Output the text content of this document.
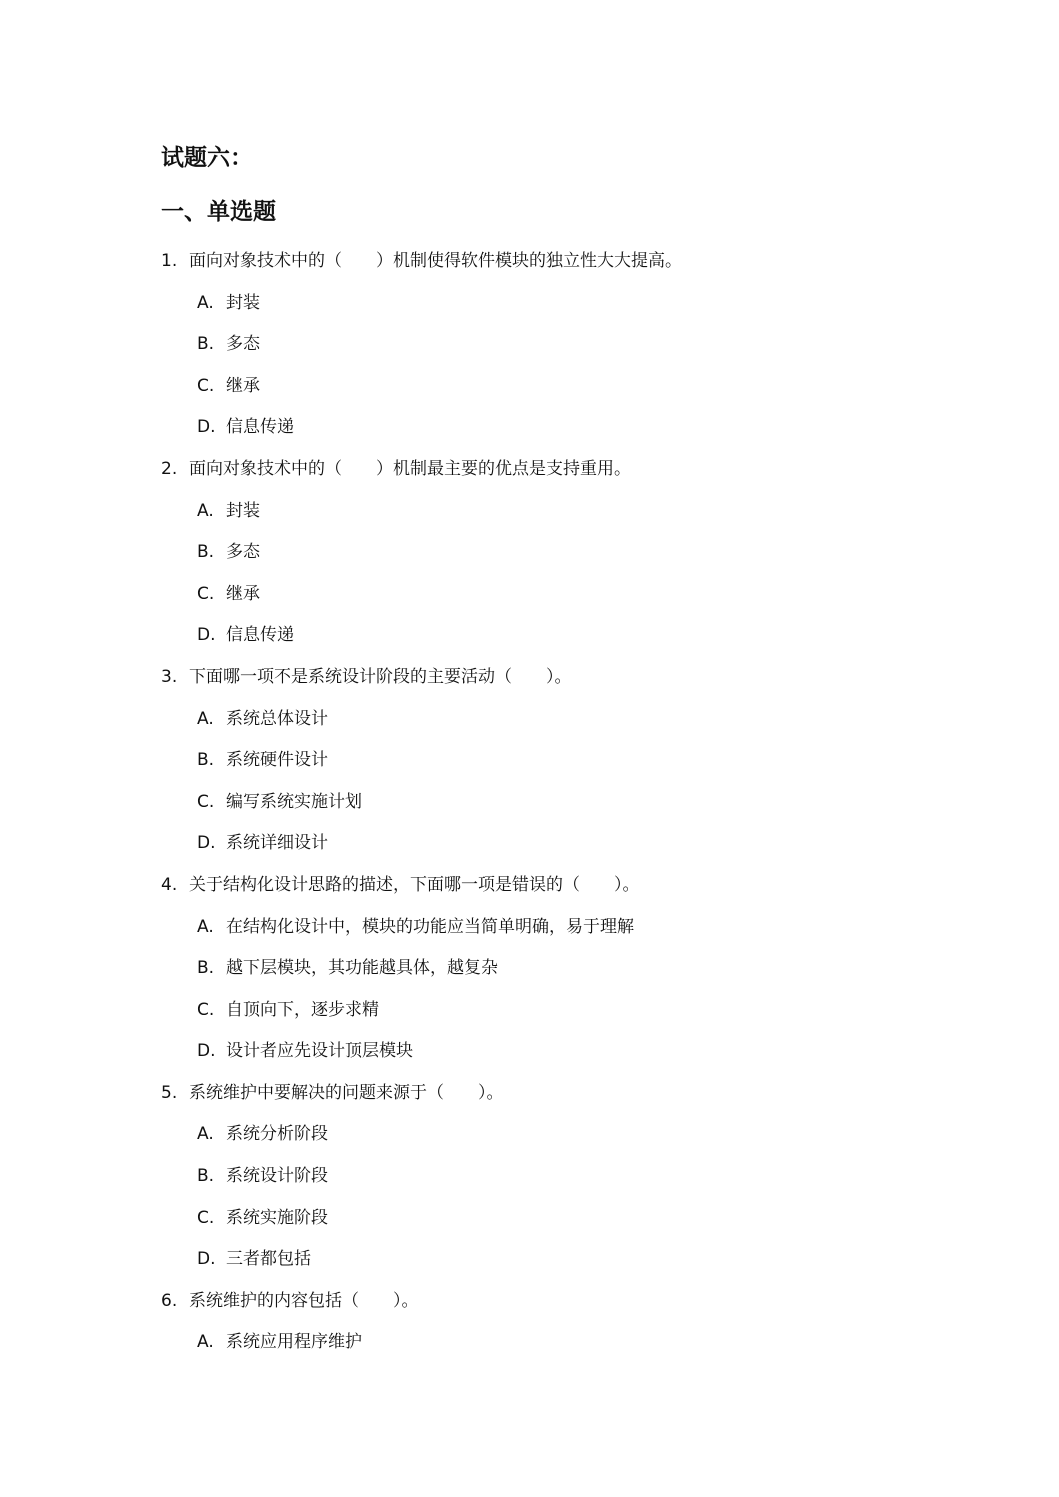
试题六：
一、单选题
1. 面向对象技术中的（　　）机制使得软件模块的独立性大大提高。
A. 封装
B. 多态
C. 继承
D. 信息传递
2. 面向对象技术中的（　　）机制最主要的优点是支持重用。
A. 封装
B. 多态
C. 继承
D. 信息传递
3. 下面哪一项不是系统设计阶段的主要活动（　　）。
A. 系统总体设计
B. 系统硬件设计
C. 编写系统实施计划
D. 系统详细设计
4. 关于结构化设计思路的描述，下面哪一项是错误的（　　）。
A. 在结构化设计中，模块的功能应当简单明确，易于理解
B. 越下层模块，其功能越具体，越复杂
C. 自顶向下，逐步求精
D. 设计者应先设计顶层模块
5. 系统维护中要解决的问题来源于（　　）。
A. 系统分析阶段
B. 系统设计阶段
C. 系统实施阶段
D. 三者都包括
6. 系统维护的内容包括（　　）。
A. 系统应用程序维护
